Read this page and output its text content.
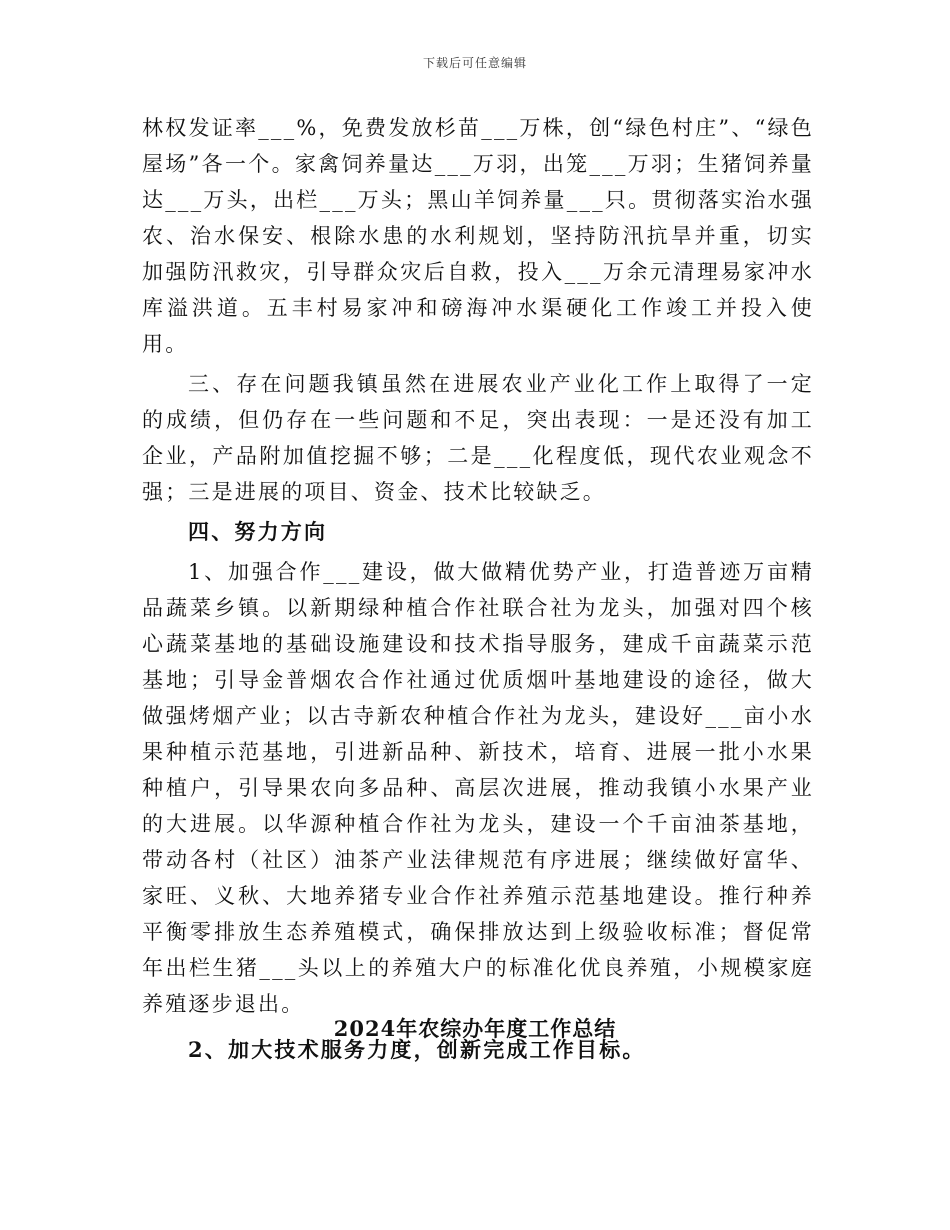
下载后可任意编辑

林权发证率___%，免费发放杉苗___万株，创“绿色村庄”、“绿色屋场”各一个。家禽饲养量达___万羽，出笼___万羽；生猪饲养量达___万头，出栏___万头；黑山羊饲养量___只。贯彻落实治水强农、治水保安、根除水患的水利规划，坚持防汛抗旱并重，切实加强防汛救灾，引导群众灾后自救，投入___万余元清理易家冲水库溢洪道。五丰村易家冲和磅海冲水渠硬化工作竣工并投入使用。

三、存在问题我镇虽然在进展农业产业化工作上取得了一定的成绩，但仍存在一些问题和不足，突出表现：一是还没有加工企业，产品附加值挖掘不够；二是___化程度低，现代农业观念不强；三是进展的项目、资金、技术比较缺乏。

四、努力方向

1、加强合作___建设，做大做精优势产业，打造普迹万亩精品蔬菜乡镇。以新期绿种植合作社联合社为龙头，加强对四个核心蔬菜基地的基础设施建设和技术指导服务，建成千亩蔬菜示范基地；引导金普烟农合作社通过优质烟叶基地建设的途径，做大做强烤烟产业；以古寺新农种植合作社为龙头，建设好___亩小水果种植示范基地，引进新品种、新技术，培育、进展一批小水果种植户，引导果农向多品种、高层次进展，推动我镇小水果产业的大进展。以华源种植合作社为龙头，建设一个千亩油茶基地，带动各村（社区）油茶产业法律规范有序进展；继续做好富华、家旺、义秋、大地养猪专业合作社养殖示范基地建设。推行种养平衡零排放生态养殖模式，确保排放达到上级验收标准；督促常年出栏生猪___头以上的养殖大户的标准化优良养殖，小规模家庭养殖逐步退出。

2、加大技术服务力度，创新完成工作目标。

2024年农综办年度工作总结
